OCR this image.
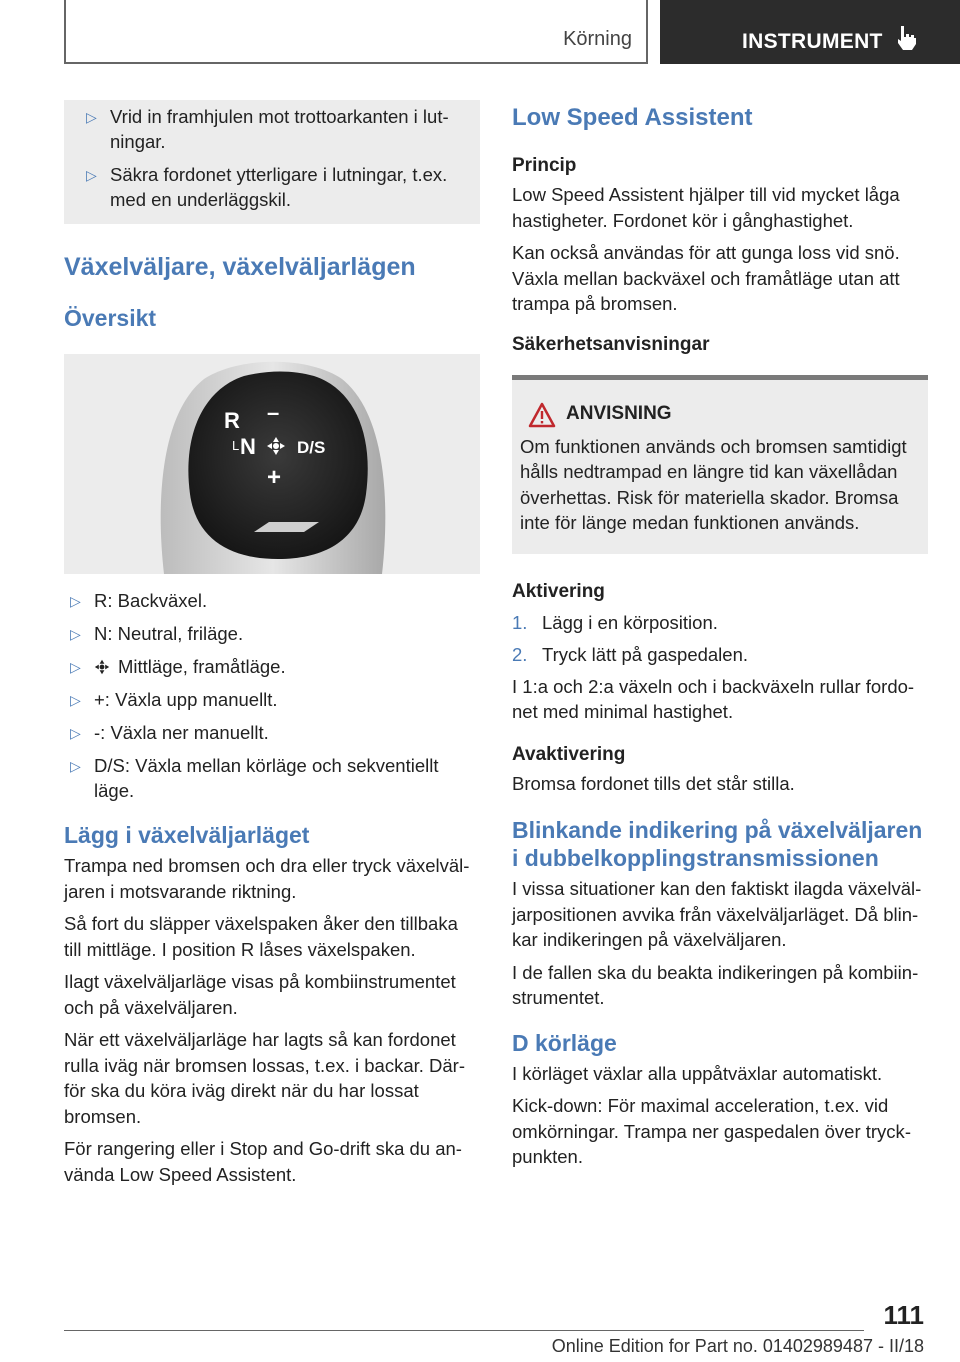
Körning	INSTRUMENT
▷ Vrid in framhjulen mot trottoarkanten i lutningar.
▷ Säkra fordonet ytterligare i lutningar, t.ex. med en underläggskil.
Växelväljare, växelväljarlägen
Översikt
R –
L N D/S
+
▷ R: Backväxel.
▷ N: Neutral, friläge.
▷ Mittläge, framåtläge.
▷ +: Växla upp manuellt.
▷ -: Växla ner manuellt.
▷ D/S: Växla mellan körläge och sekventiellt läge.
Lägg i växelväljarläget

Trampa ned bromsen och dra eller tryck växelväljaren i motsvarande riktning.

Så fort du släpper växelspaken åker den tillbaka till mittläge. I position R låses växelspaken.

Ilagt växelväljarläge visas på kombiinstrumentet och på växelväljaren.

När ett växelväljarläge har lagts så kan fordonet rulla iväg när bromsen lossas, t.ex. i backar. Därför ska du köra iväg direkt när du har lossat bromsen.

För rangering eller i Stop and Go-drift ska du använda Low Speed Assistent.

Low Speed Assistent
Princip

Low Speed Assistent hjälper till vid mycket låga hastigheter. Fordonet kör i gånghastighet.

Kan också användas för att gunga loss vid snö. Växla mellan backväxel och framåtläge utan att trampa på bromsen.

Säkerhetsanvisningar
ANVISNING

Om funktionen används och bromsen samtidigt hålls nedtrampad en längre tid kan växellådan överhettas. Risk för materiella skador. Bromsa inte för länge medan funktionen används.

Aktivering
1. Lägg i en körposition.
2. Tryck lätt på gaspedalen.

I 1:a och 2:a växeln och i backväxeln rullar fordonet med minimal hastighet.

Avaktivering

Bromsa fordonet tills det står stilla.

Blinkande indikering på växelväljaren i dubbelkopplingstransmissionen

I vissa situationer kan den faktiskt ilagda växelväljarpositionen avvika från växelväljarläget. Då blinkar indikeringen på växelväljaren.

I de fallen ska du beakta indikeringen på kombiinstrumentet.

D körläge

I körläget växlar alla uppåtväxlar automatiskt.

Kick-down: För maximal acceleration, t.ex. vid omkörningar. Trampa ner gaspedalen över tryckpunkten.

111
Online Edition for Part no. 01402989487 - II/18
